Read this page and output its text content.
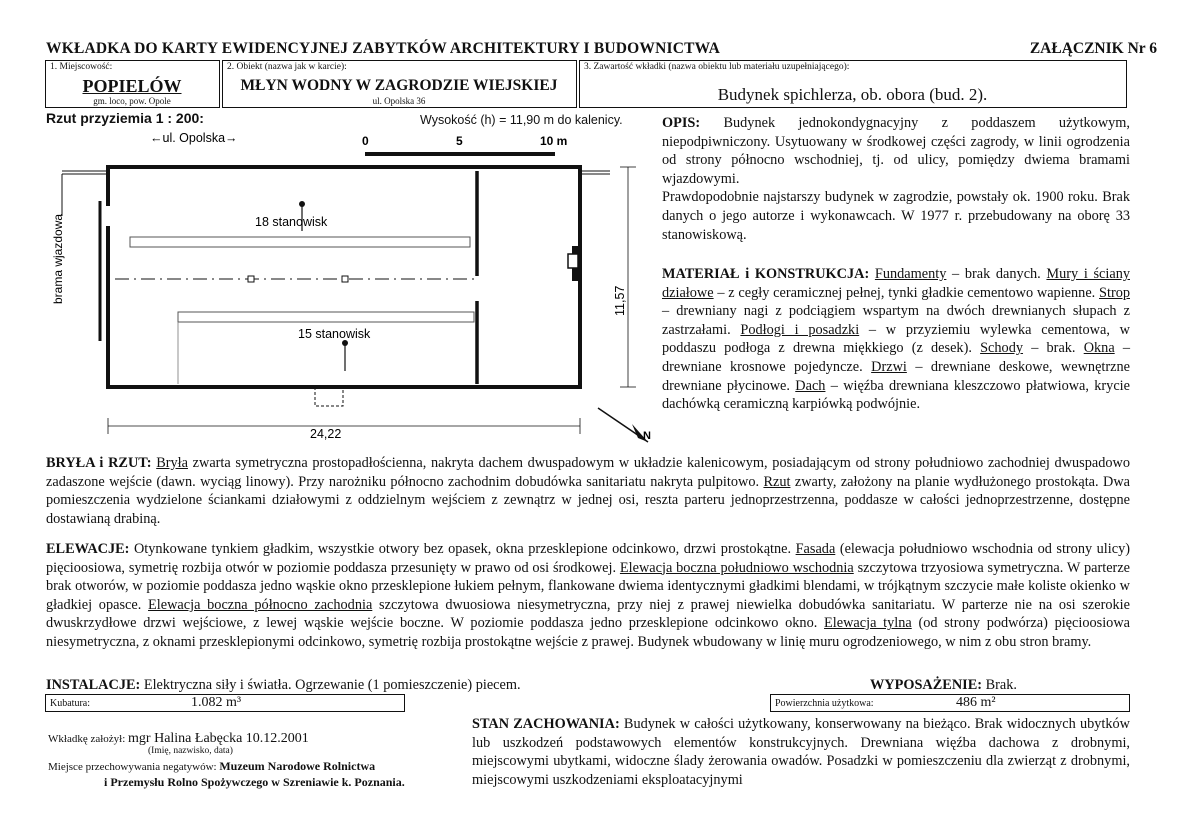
WKŁADKA DO KARTY EWIDENCYJNEJ ZABYTKÓW ARCHITEKTURY I BUDOWNICTWA	ZAŁĄCZNIK Nr 6
1. Miejscowość:
POPIELÓW
gm. loco, pow. Opole
2. Obiekt (nazwa jak w karcie):
MŁYN WODNY W ZAGRODZIE WIEJSKIEJ
ul. Opolska 36
3. Zawartość wkładki (nazwa obiektu lub materiału uzupełniającego):
Budynek spichlerza, ob. obora (bud. 2).
Rzut przyziemia 1 : 200:	Wysokość (h) = 11,90 m do kalenicy.
←ul. Opolska→	0	5	10 m
brama wjazdowa	18 stanowisk
15 stanowisk
24,22
11,57
N

OPIS: Budynek jednokondygnacyjny z poddaszem użytkowym, niepodpiwniczony. Usytuowany w środkowej części zagrody, w linii ogrodzenia od strony północno wschodniej, tj. od ulicy, pomiędzy dwiema bramami wjazdowymi.

Prawdopodobnie najstarszy budynek w zagrodzie, powstały ok. 1900 roku. Brak danych o jego autorze i wykonawcach. W 1977 r. przebudowany na oborę 33 stanowiskową.

MATERIAŁ i KONSTRUKCJA: Fundamenty – brak danych. Mury i ściany działowe – z cegły ceramicznej pełnej, tynki gładkie cementowo wapienne. Strop – drewniany nagi z podciągiem wspartym na dwóch drewnianych słupach z zastrzałami. Podłogi i posadzki – w przyziemiu wylewka cementowa, w poddaszu podłoga z drewna miękkiego (z desek). Schody – brak. Okna – drewniane krosnowe pojedyncze. Drzwi – drewniane deskowe, wewnętrzne drewniane płycinowe. Dach – więźba drewniana kleszczowo płatwiowa, krycie dachówką ceramiczną karpiówką podwójnie.
BRYŁA i RZUT: Bryła zwarta symetryczna prostopadłościenna, nakryta dachem dwuspadowym w układzie kalenicowym, posiadającym od strony południowo zachodniej dwuspadowo zadaszone wejście (dawn. wyciąg linowy). Przy narożniku północno zachodnim dobudówka sanitariatu nakryta pulpitowo. Rzut zwarty, założony na planie wydłużonego prostokąta. Dwa pomieszczenia wydzielone ściankami działowymi z oddzielnym wejściem z zewnątrz w jednej osi, reszta parteru jednoprzestrzenna, poddasze w całości jednoprzestrzenne, dostępne dostawianą drabiną.
ELEWACJE: Otynkowane tynkiem gładkim, wszystkie otwory bez opasek, okna przesklepione odcinkowo, drzwi prostokątne. Fasada (elewacja południowo wschodnia od strony ulicy) pięcioosiowa, symetrię rozbija otwór w poziomie poddasza przesunięty w prawo od osi środkowej. Elewacja boczna południowo wschodnia szczytowa trzyosiowa symetryczna. W parterze brak otworów, w poziomie poddasza jedno wąskie okno przesklepione łukiem pełnym, flankowane dwiema identycznymi gładkimi blendami, w trójkątnym szczycie małe koliste okienko w gładkiej opasce. Elewacja boczna północno zachodnia szczytowa dwuosiowa niesymetryczna, przy niej z prawej niewielka dobudówka sanitariatu. W parterze nie na osi szerokie dwuskrzydłowe drzwi wejściowe, z lewej wąskie wejście boczne. W poziomie poddasza jedno przesklepione odcinkowo okno. Elewacja tylna (od strony podwórza) pięcioosiowa niesymetryczna, z oknami przesklepionymi odcinkowo, symetrię rozbija prostokątne wejście z prawej. Budynek wbudowany w linię muru ogrodzeniowego, w nim z obu stron bramy.
INSTALACJE: Elektryczna siły i światła. Ogrzewanie (1 pomieszczenie) piecem.	WYPOSAŻENIE: Brak.
Kubatura:	1.082 m³	Powierzchnia użytkowa:	486 m²
Wkładkę założył: mgr Halina Łabęcka 10.12.2001
(Imię, nazwisko, data)
Miejsce przechowywania negatywów: Muzeum Narodowe Rolnictwa
i Przemysłu Rolno Spożywczego w Szreniawie k. Poznania.
STAN ZACHOWANIA: Budynek w całości użytkowany, konserwowany na bieżąco. Brak widocznych ubytków lub uszkodzeń podstawowych elementów konstrukcyjnych. Drewniana więźba dachowa z drobnymi, miejscowymi ubytkami, widoczne ślady żerowania owadów. Posadzki w pomieszczeniu dla zwierząt z drobnymi, miejscowymi uszkodzeniami eksploatacyjnymi
